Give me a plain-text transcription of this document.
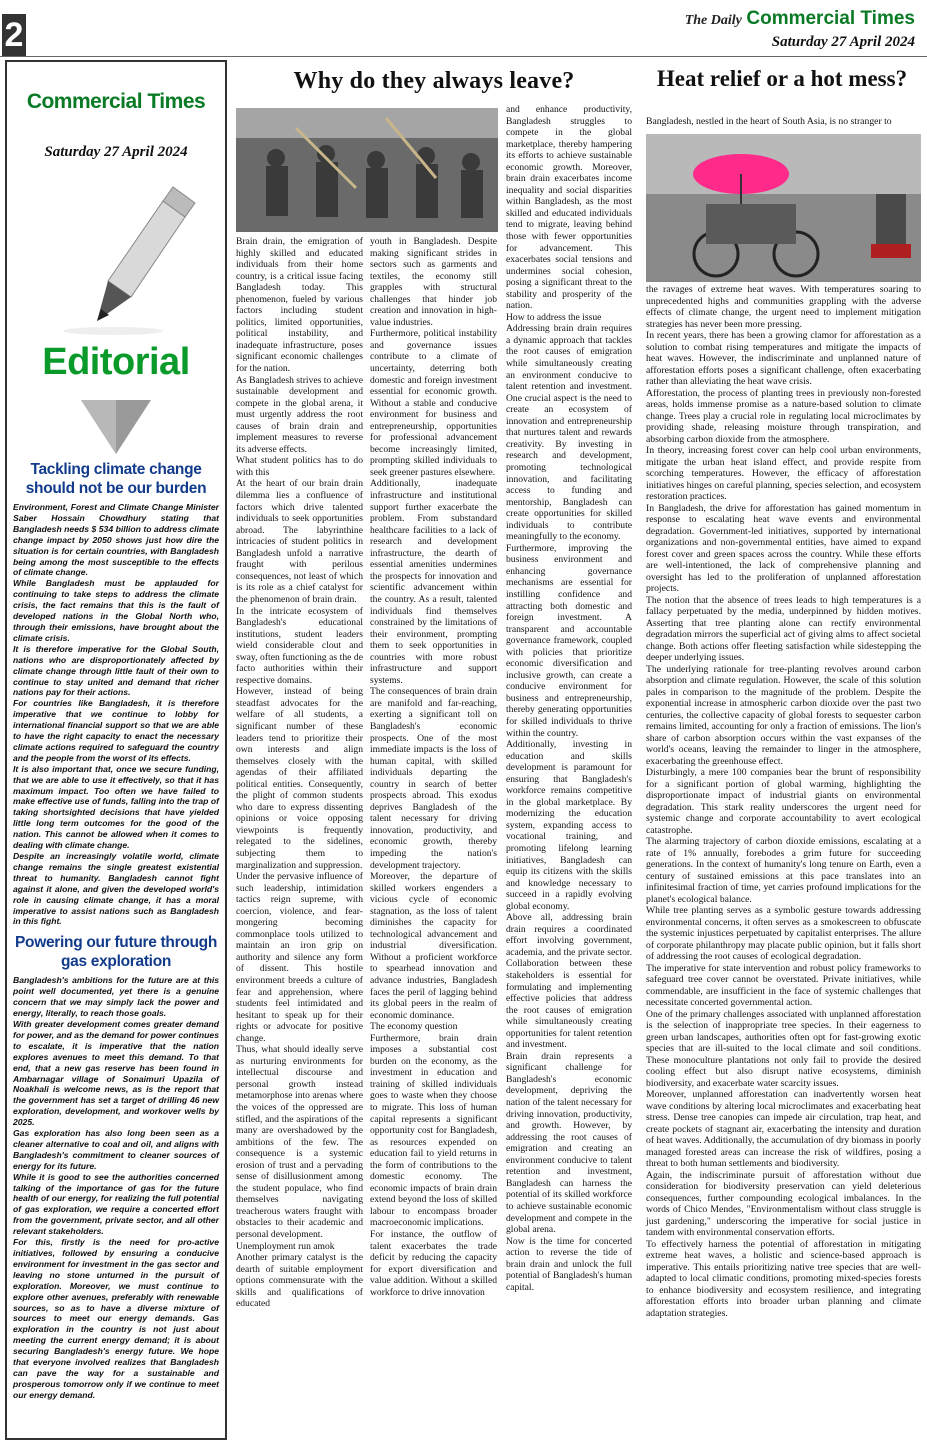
2	The Daily Commercial Times
Saturday 27 April 2024
Commercial Times
Saturday 27 April 2024
Editorial
Tackling climate change should not be our burden

Environment, Forest and Climate Change Minister Saber Hossain Chowdhury stating that Bangladesh needs $ 534 billion to address climate change impact by 2050 shows just how dire the situation is for certain countries, with Bangladesh being among the most susceptible to the effects of climate change.

While Bangladesh must be applauded for continuing to take steps to address the climate crisis, the fact remains that this is the fault of developed nations in the Global North who, through their emissions, have brought about the climate crisis.

It is therefore imperative for the Global South, nations who are disproportionately affected by climate change through little fault of their own to continue to stay united and demand that richer nations pay for their actions.

For countries like Bangladesh, it is therefore imperative that we continue to lobby for international financial support so that we are able to have the right capacity to enact the necessary climate actions required to safeguard the country and the people from the worst of its effects.

It is also important that, once we secure funding, that we are able to use it effectively, so that it has maximum impact. Too often we have failed to make effective use of funds, falling into the trap of taking shortsighted decisions that have yielded little long term outcomes for the good of the nation. This cannot be allowed when it comes to dealing with climate change.

Despite an increasingly volatile world, climate change remains the single greatest existential threat to humanity. Bangladesh cannot fight against it alone, and given the developed world's role in causing climate change, it has a moral imperative to assist nations such as Bangladesh in this fight.

Powering our future through gas exploration

Bangladesh's ambitions for the future are at this point well documented, yet there is a genuine concern that we may simply lack the power and energy, literally, to reach those goals.

With greater development comes greater demand for power, and as the demand for power continues to escalate, it is imperative that the nation explores avenues to meet this demand. To that end, that a new gas reserve has been found in Ambarnagar village of Sonaimuri Upazila of Noakhali is welcome news, as is the report that the government has set a target of drilling 46 new exploration, development, and workover wells by 2025.

Gas exploration has also long been seen as a cleaner alternative to coal and oil, and aligns with Bangladesh's commitment to cleaner sources of energy for its future.

While it is good to see the authorities concerned talking of the importance of gas for the future health of our energy, for realizing the full potential of gas exploration, we require a concerted effort from the government, private sector, and all other relevant stakeholders.

For this, firstly is the need for pro-active initiatives, followed by ensuring a conducive environment for investment in the gas sector and leaving no stone unturned in the pursuit of exploration. Moreover, we must continue to explore other avenues, preferably with renewable sources, so as to have a diverse mixture of sources to meet our energy demands. Gas exploration in the country is not just about meeting the current energy demand; it is about securing Bangladesh's energy future. We hope that everyone involved realizes that Bangladesh can pave the way for a sustainable and prosperous tomorrow only if we continue to meet our energy demand.

Why do they always leave?

Brain drain, the emigration of highly skilled and educated individuals from their home country, is a critical issue facing Bangladesh today. This phenomenon, fueled by various factors including student politics, limited opportunities, political instability, and inadequate infrastructure, poses significant economic challenges for the nation.

As Bangladesh strives to achieve sustainable development and compete in the global arena, it must urgently address the root causes of brain drain and implement measures to reverse its adverse effects.

What student politics has to do with this

At the heart of our brain drain dilemma lies a confluence of factors which drive talented individuals to seek opportunities abroad. The labyrinthine intricacies of student politics in Bangladesh unfold a narrative fraught with perilous consequences, not least of which is its role as a chief catalyst for the phenomenon of brain drain.

In the intricate ecosystem of Bangladesh's educational institutions, student leaders wield considerable clout and sway, often functioning as the de facto authorities within their respective domains.

However, instead of being steadfast advocates for the welfare of all students, a significant number of these leaders tend to prioritize their own interests and align themselves closely with the agendas of their affiliated political entities. Consequently, the plight of common students who dare to express dissenting opinions or voice opposing viewpoints is frequently relegated to the sidelines, subjecting them to marginalization and suppression.

Under the pervasive influence of such leadership, intimidation tactics reign supreme, with coercion, violence, and fear-mongering becoming commonplace tools utilized to maintain an iron grip on authority and silence any form of dissent. This hostile environment breeds a culture of fear and apprehension, where students feel intimidated and hesitant to speak up for their rights or advocate for positive change.

Thus, what should ideally serve as nurturing environments for intellectual discourse and personal growth instead metamorphose into arenas where the voices of the oppressed are stifled, and the aspirations of the many are overshadowed by the ambitions of the few. The consequence is a systemic erosion of trust and a pervading sense of disillusionment among the student populace, who find themselves navigating treacherous waters fraught with obstacles to their academic and personal development.

Unemployment run amok

Another primary catalyst is the dearth of suitable employment options commensurate with the skills and qualifications of educated

youth in Bangladesh. Despite making significant strides in sectors such as garments and textiles, the economy still grapples with structural challenges that hinder job creation and innovation in high-value industries.

Furthermore, political instability and governance issues contribute to a climate of uncertainty, deterring both domestic and foreign investment essential for economic growth. Without a stable and conducive environment for business and entrepreneurship, opportunities for professional advancement become increasingly limited, prompting skilled individuals to seek greener pastures elsewhere.

Additionally, inadequate infrastructure and institutional support further exacerbate the problem. From substandard healthcare facilities to a lack of research and development infrastructure, the dearth of essential amenities undermines the prospects for innovation and scientific advancement within the country. As a result, talented individuals find themselves constrained by the limitations of their environment, prompting them to seek opportunities in countries with more robust infrastructure and support systems.

The consequences of brain drain are manifold and far-reaching, exerting a significant toll on Bangladesh's economic prospects. One of the most immediate impacts is the loss of human capital, with skilled individuals departing the country in search of better prospects abroad. This exodus deprives Bangladesh of the talent necessary for driving innovation, productivity, and economic growth, thereby impeding the nation's development trajectory.

Moreover, the departure of skilled workers engenders a vicious cycle of economic stagnation, as the loss of talent diminishes the capacity for technological advancement and industrial diversification. Without a proficient workforce to spearhead innovation and advance industries, Bangladesh faces the peril of lagging behind its global peers in the realm of economic dominance.

The economy question

Furthermore, brain drain imposes a substantial cost burden on the economy, as the investment in education and training of skilled individuals goes to waste when they choose to migrate. This loss of human capital represents a significant opportunity cost for Bangladesh, as resources expended on education fail to yield returns in the form of contributions to the domestic economy. The economic impacts of brain drain extend beyond the loss of skilled labour to encompass broader macroeconomic implications.

For instance, the outflow of talent exacerbates the trade deficit by reducing the capacity for export diversification and value addition. Without a skilled workforce to drive innovation

and enhance productivity, Bangladesh struggles to compete in the global marketplace, thereby hampering its efforts to achieve sustainable economic growth. Moreover, brain drain exacerbates income inequality and social disparities within Bangladesh, as the most skilled and educated individuals tend to migrate, leaving behind those with fewer opportunities for advancement. This exacerbates social tensions and undermines social cohesion, posing a significant threat to the stability and prosperity of the nation.

How to address the issue

Addressing brain drain requires a dynamic approach that tackles the root causes of emigration while simultaneously creating an environment conducive to talent retention and investment. One crucial aspect is the need to create an ecosystem of innovation and entrepreneurship that nurtures talent and rewards creativity. By investing in research and development, promoting technological innovation, and facilitating access to funding and mentorship, Bangladesh can create opportunities for skilled individuals to contribute meaningfully to the economy.

Furthermore, improving the business environment and enhancing governance mechanisms are essential for instilling confidence and attracting both domestic and foreign investment. A transparent and accountable governance framework, coupled with policies that prioritize economic diversification and inclusive growth, can create a conducive environment for business and entrepreneurship, thereby generating opportunities for skilled individuals to thrive within the country.

Additionally, investing in education and skills development is paramount for ensuring that Bangladesh's workforce remains competitive in the global marketplace. By modernizing the education system, expanding access to vocational training, and promoting lifelong learning initiatives, Bangladesh can equip its citizens with the skills and knowledge necessary to succeed in a rapidly evolving global economy.

Above all, addressing brain drain requires a coordinated effort involving government, academia, and the private sector. Collaboration between these stakeholders is essential for formulating and implementing effective policies that address the root causes of emigration while simultaneously creating opportunities for talent retention and investment.

Brain drain represents a significant challenge for Bangladesh's economic development, depriving the nation of the talent necessary for driving innovation, productivity, and growth. However, by addressing the root causes of emigration and creating an environment conducive to talent retention and investment, Bangladesh can harness the potential of its skilled workforce to achieve sustainable economic development and compete in the global arena.

Now is the time for concerted action to reverse the tide of brain drain and unlock the full potential of Bangladesh's human capital.

Heat relief or a hot mess?

Bangladesh, nestled in the heart of South Asia, is no stranger to

the ravages of extreme heat waves. With temperatures soaring to unprecedented highs and communities grappling with the adverse effects of climate change, the urgent need to implement mitigation strategies has never been more pressing.

In recent years, there has been a growing clamor for afforestation as a solution to combat rising temperatures and mitigate the impacts of heat waves. However, the indiscriminate and unplanned nature of afforestation efforts poses a significant challenge, often exacerbating rather than alleviating the heat wave crisis.

Afforestation, the process of planting trees in previously non-forested areas, holds immense promise as a nature-based solution to climate change. Trees play a crucial role in regulating local microclimates by providing shade, releasing moisture through transpiration, and absorbing carbon dioxide from the atmosphere.

In theory, increasing forest cover can help cool urban environments, mitigate the urban heat island effect, and provide respite from scorching temperatures. However, the efficacy of afforestation initiatives hinges on careful planning, species selection, and ecosystem restoration practices.

In Bangladesh, the drive for afforestation has gained momentum in response to escalating heat wave events and environmental degradation. Government-led initiatives, supported by international organizations and non-governmental entities, have aimed to expand forest cover and green spaces across the country. While these efforts are well-intentioned, the lack of comprehensive planning and oversight has led to the proliferation of unplanned afforestation projects.

The notion that the absence of trees leads to high temperatures is a fallacy perpetuated by the media, underpinned by hidden motives. Asserting that tree planting alone can rectify environmental degradation mirrors the superficial act of giving alms to affect societal change. Both actions offer fleeting satisfaction while sidestepping the deeper underlying issues.

The underlying rationale for tree-planting revolves around carbon absorption and climate regulation. However, the scale of this solution pales in comparison to the magnitude of the problem. Despite the exponential increase in atmospheric carbon dioxide over the past two centuries, the collective capacity of global forests to sequester carbon remains limited, accounting for only a fraction of emissions. The lion's share of carbon absorption occurs within the vast expanses of the world's oceans, leaving the remainder to linger in the atmosphere, exacerbating the greenhouse effect.

Disturbingly, a mere 100 companies bear the brunt of responsibility for a significant portion of global warming, highlighting the disproportionate impact of industrial giants on environmental degradation. This stark reality underscores the urgent need for systemic change and corporate accountability to avert ecological catastrophe.

The alarming trajectory of carbon dioxide emissions, escalating at a rate of 1% annually, forebodes a grim future for succeeding generations. In the context of humanity's long tenure on Earth, even a century of sustained emissions at this pace translates into an infinitesimal fraction of time, yet carries profound implications for the planet's ecological balance.

While tree planting serves as a symbolic gesture towards addressing environmental concerns, it often serves as a smokescreen to obfuscate the systemic injustices perpetuated by capitalist enterprises. The allure of corporate philanthropy may placate public opinion, but it falls short of addressing the root causes of ecological degradation.

The imperative for state intervention and robust policy frameworks to safeguard tree cover cannot be overstated. Private initiatives, while commendable, are insufficient in the face of systemic challenges that necessitate concerted governmental action.

One of the primary challenges associated with unplanned afforestation is the selection of inappropriate tree species. In their eagerness to green urban landscapes, authorities often opt for fast-growing exotic species that are ill-suited to the local climate and soil conditions. These monoculture plantations not only fail to provide the desired cooling effect but also disrupt native ecosystems, diminish biodiversity, and exacerbate water scarcity issues.

Moreover, unplanned afforestation can inadvertently worsen heat wave conditions by altering local microclimates and exacerbating heat stress. Dense tree canopies can impede air circulation, trap heat, and create pockets of stagnant air, exacerbating the intensity and duration of heat waves. Additionally, the accumulation of dry biomass in poorly managed forested areas can increase the risk of wildfires, posing a threat to both human settlements and biodiversity.

Again, the indiscriminate pursuit of afforestation without due consideration for biodiversity preservation can yield deleterious consequences, further compounding ecological imbalances. In the words of Chico Mendes, "Environmentalism without class struggle is just gardening," underscoring the imperative for social justice in tandem with environmental conservation efforts.

To effectively harness the potential of afforestation in mitigating extreme heat waves, a holistic and science-based approach is imperative. This entails prioritizing native tree species that are well-adapted to local climatic conditions, promoting mixed-species forests to enhance biodiversity and ecosystem resilience, and integrating afforestation efforts into broader urban planning and climate adaptation strategies.
